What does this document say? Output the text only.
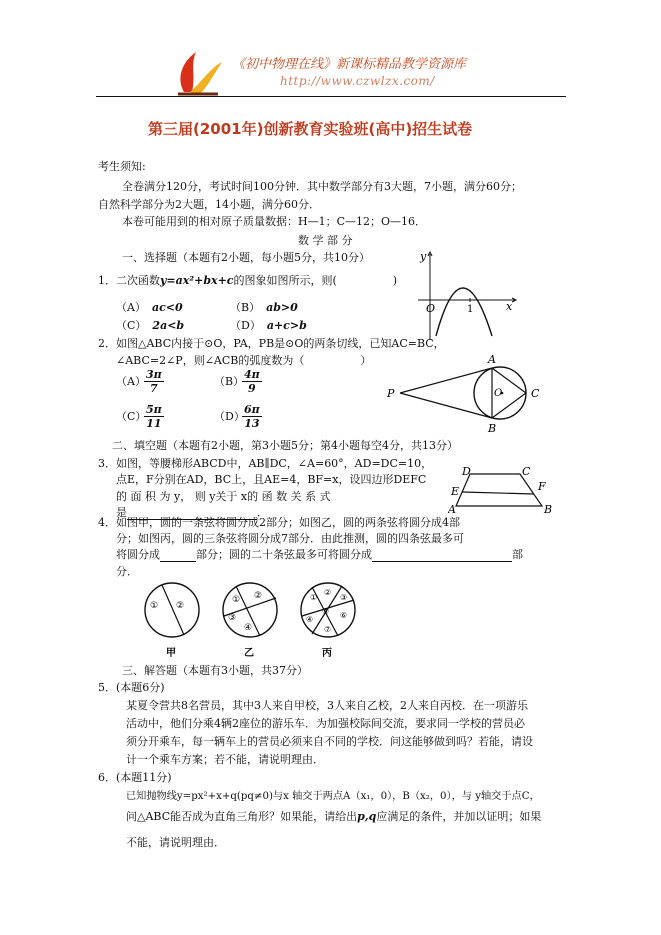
《初中物理在线》新课标精品教学资源库
http://www.czwlzx.com/
第三届(2001年)创新教育实验班(高中)招生试卷
考生须知:
全卷满分120分，考试时间100分钟．其中数学部分有3大题，7小题，满分60分；
自然科学部分为2大题，14小题，满分60分．
本卷可能用到的相对原子质量数据：H—1；C—12；O—16．
数 学 部 分
一、选择题（本题有2小题，每小题5分，共10分）
1．二次函数y=ax²+bx+c的图象如图所示，则(	)
（A） ac<0	（B） ab>0
（C） 2a<b	（D） a+c>b
y
x
O	1
2．如图△ABC内接于⊙O，PA，PB是⊙O的两条切线，已知AC=BC，
∠ABC=2∠P，则∠ACB的弧度数为（	）
（A）
$\frac{3\pi}{7}$	（B）
$\frac{4\pi}{9}$
（C）
$\frac{5\pi}{11}$	（D）
$\frac{6\pi}{13}$
A
B
C
P	O
二、填空题（本题有2小题，第3小题5分；第4小题每空4分，共13分）
3．如图，等腰梯形ABCD中，AB∥DC，∠A=60°，AD=DC=10，
点E，F分别在AD，BC上，且AE=4，BF=x，设四边形DEFC
的 面 积 为 y， 则 y关于 x的 函 数 关 系 式
是	．
D	C
E	F
A	B
4．如图甲，圆的一条弦将圆分成2部分；如图乙，圆的两条弦将圆分成4部
分；如图丙，圆的三条弦将圆分成7部分．由此推测，圆的四条弦最多可
将圆分成	部分；圆的二十条弦最多可将圆分成	部
分．
① ②
甲
① ②
③
④
乙
①
②
③
④
⑤ ⑥
⑦
丙
三、解答题（本题有3小题，共37分）
5．(本题6分)
某夏令营共8名营员，其中3人来自甲校，3人来自乙校，2人来自丙校．在一项游乐
活动中，他们分乘4辆2座位的游乐车．为加强校际间交流，要求同一学校的营员必
须分开乘车，每一辆车上的营员必须来自不同的学校．问这能够做到吗？若能，请设
计一个乘车方案；若不能，请说明理由．
6．(本题11分)
已知抛物线y=px²+x+q(pq≠0)与x 轴交于两点A（x₁，0），B（x₂，0），与 y轴交于点C，
问△ABC能否成为直角三角形？如果能，请给出p,q应满足的条件，并加以证明；如果
不能，请说明理由．
